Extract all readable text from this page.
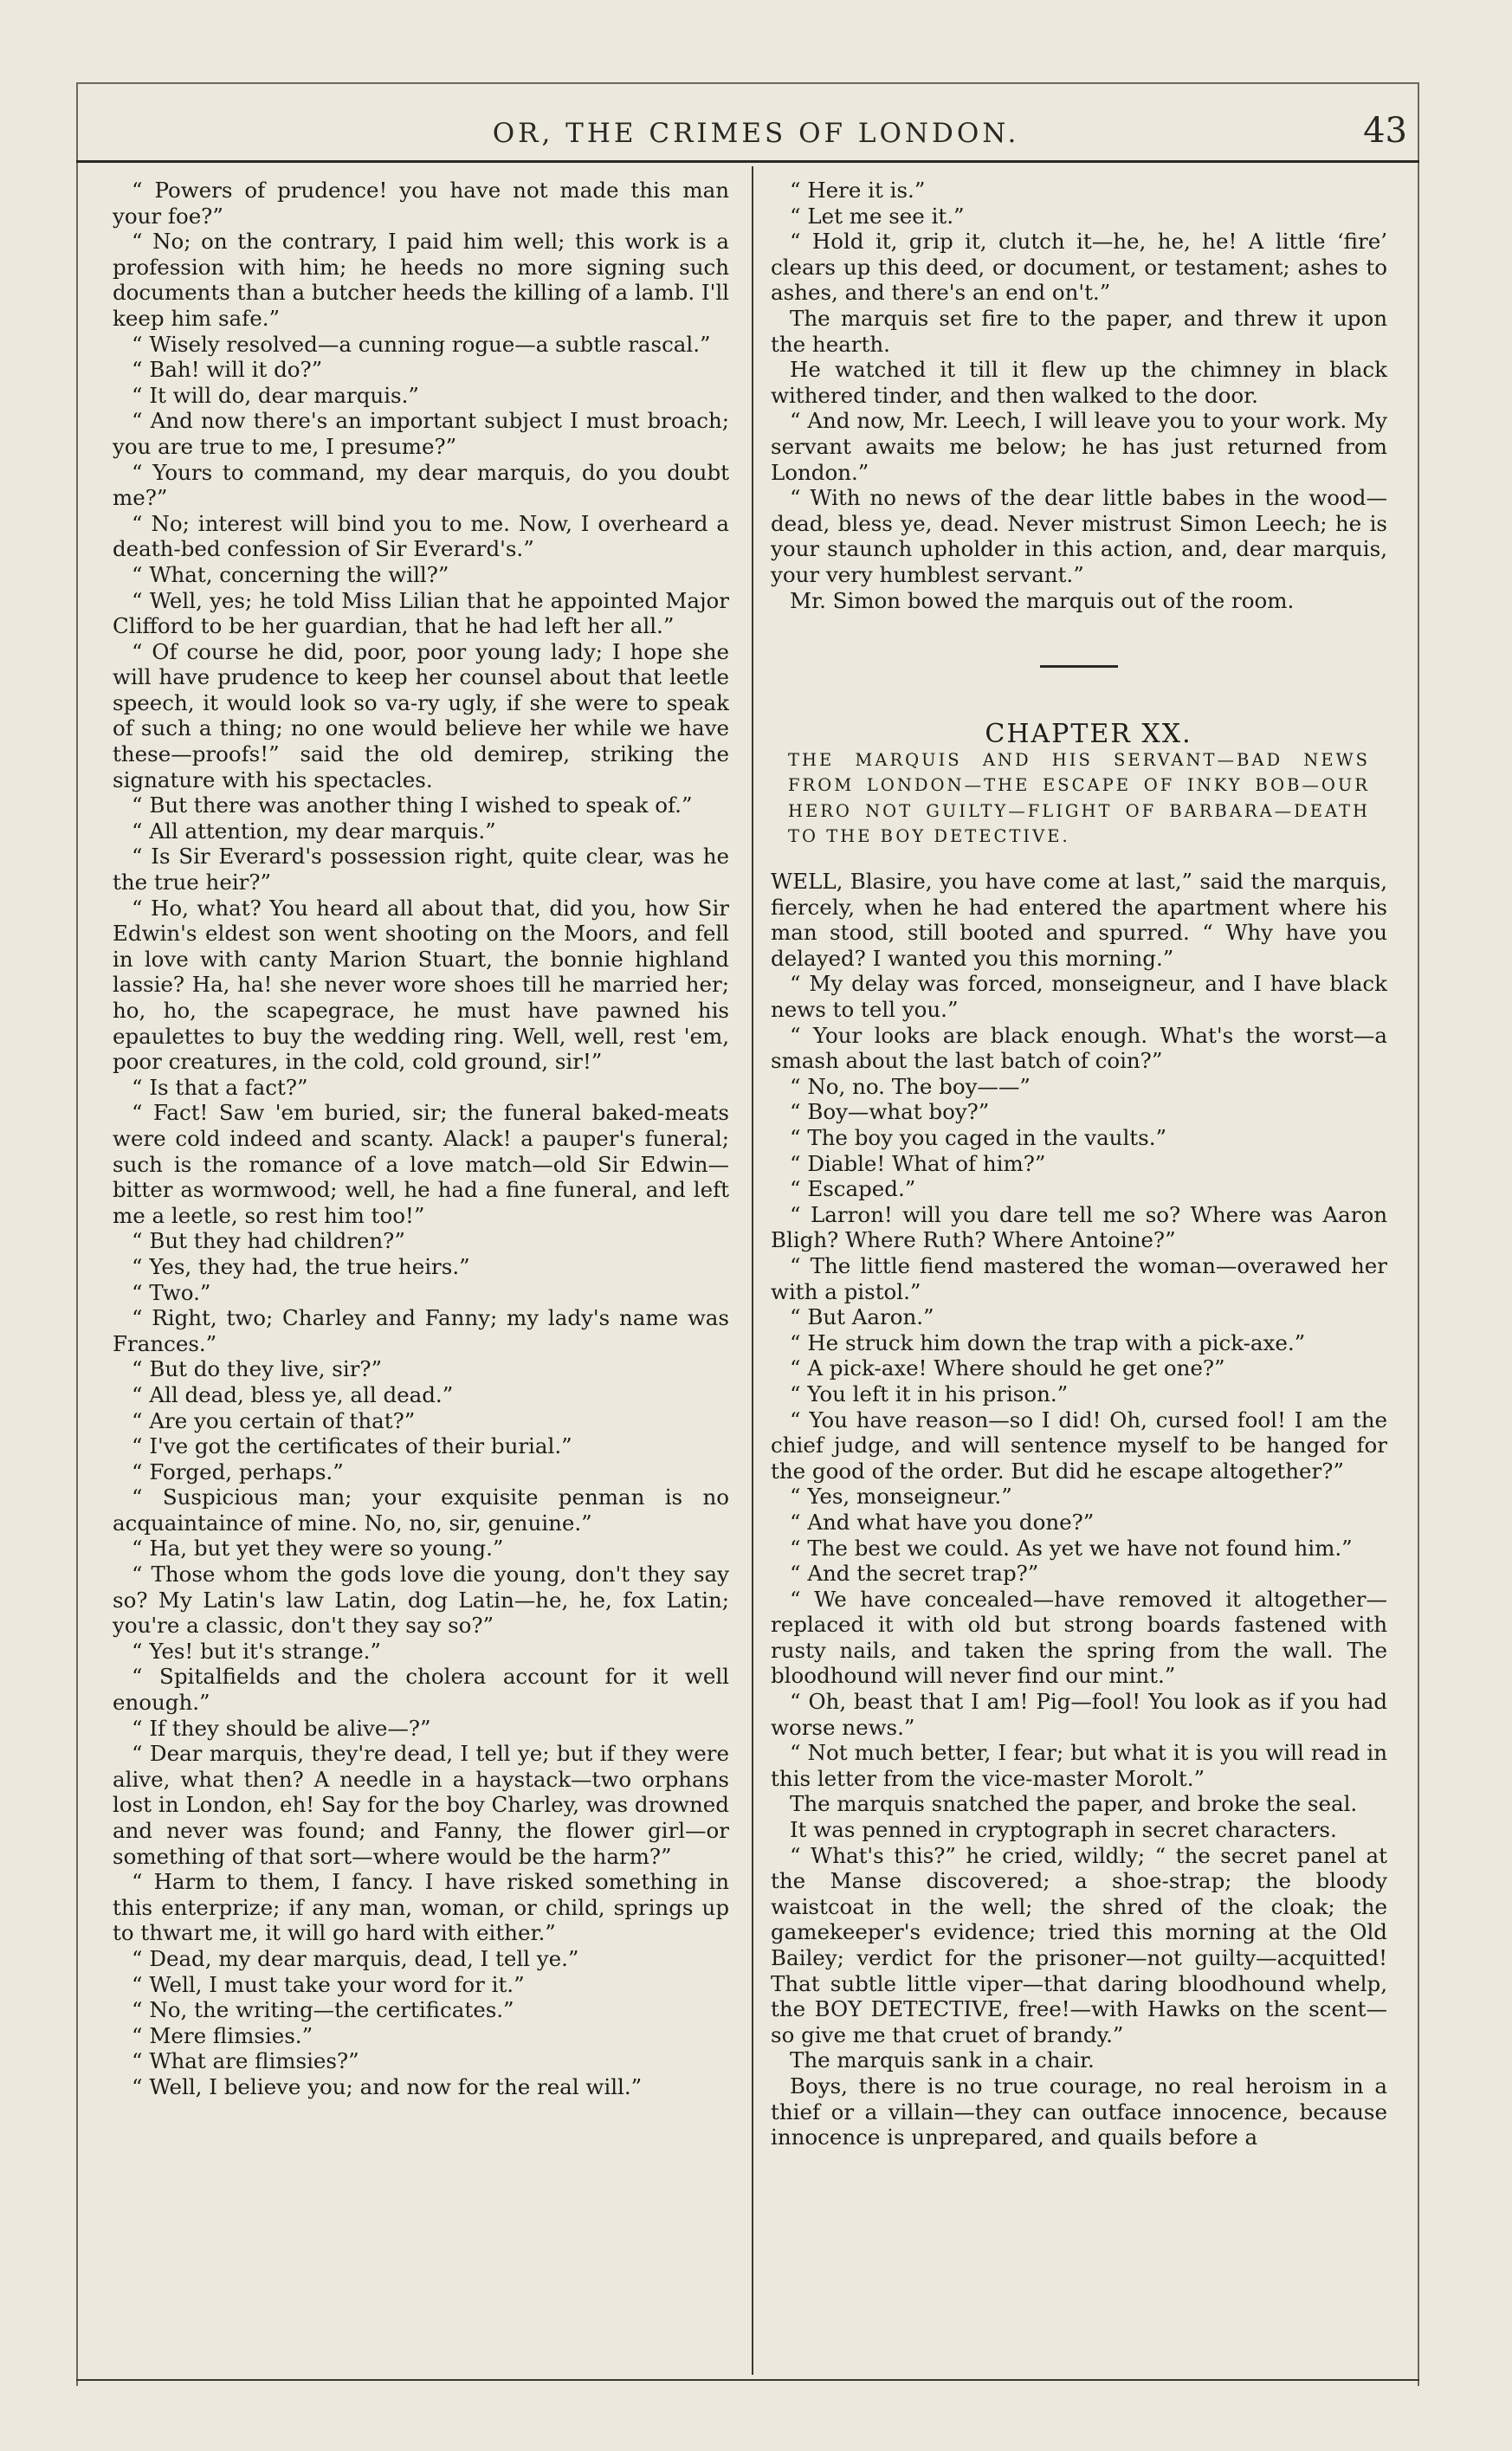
OR, THE CRIMES OF LONDON.	43

“ Powers of prudence! you have not made this man your foe?”

“ No; on the contrary, I paid him well; this work is a profession with him; he heeds no more signing such documents than a butcher heeds the killing of a lamb. I'll keep him safe.”

“ Wisely resolved—a cunning rogue—a subtle rascal.”

“ Bah! will it do?”

“ It will do, dear marquis.”

“ And now there's an important subject I must broach; you are true to me, I presume?”

“ Yours to command, my dear marquis, do you doubt me?”

“ No; interest will bind you to me. Now, I overheard a death-bed confession of Sir Everard's.”

“ What, concerning the will?”

“ Well, yes; he told Miss Lilian that he appointed Major Clifford to be her guardian, that he had left her all.”

“ Of course he did, poor, poor young lady; I hope she will have prudence to keep her counsel about that leetle speech, it would look so va-ry ugly, if she were to speak of such a thing; no one would believe her while we have these—proofs!” said the old demirep, striking the signature with his spectacles.

“ But there was another thing I wished to speak of.”

“ All attention, my dear marquis.”

“ Is Sir Everard's possession right, quite clear, was he the true heir?”

“ Ho, what? You heard all about that, did you, how Sir Edwin's eldest son went shooting on the Moors, and fell in love with canty Marion Stuart, the bonnie highland lassie? Ha, ha! she never wore shoes till he married her; ho, ho, the scapegrace, he must have pawned his epaulettes to buy the wedding ring. Well, well, rest 'em, poor creatures, in the cold, cold ground, sir!”

“ Is that a fact?”

“ Fact! Saw 'em buried, sir; the funeral baked-meats were cold indeed and scanty. Alack! a pauper's funeral; such is the romance of a love match—old Sir Edwin—bitter as wormwood; well, he had a fine funeral, and left me a leetle, so rest him too!”

“ But they had children?”

“ Yes, they had, the true heirs.”

“ Two.”

“ Right, two; Charley and Fanny; my lady's name was Frances.”

“ But do they live, sir?”

“ All dead, bless ye, all dead.”

“ Are you certain of that?”

“ I've got the certificates of their burial.”

“ Forged, perhaps.”

“ Suspicious man; your exquisite penman is no acquaintaince of mine. No, no, sir, genuine.”

“ Ha, but yet they were so young.”

“ Those whom the gods love die young, don't they say so? My Latin's law Latin, dog Latin—he, he, fox Latin; you're a classic, don't they say so?”

“ Yes! but it's strange.”

“ Spitalfields and the cholera account for it well enough.”

“ If they should be alive—?”

“ Dear marquis, they're dead, I tell ye; but if they were alive, what then? A needle in a haystack—two orphans lost in London, eh! Say for the boy Charley, was drowned and never was found; and Fanny, the flower girl—or something of that sort—where would be the harm?”

“ Harm to them, I fancy. I have risked something in this enterprize; if any man, woman, or child, springs up to thwart me, it will go hard with either.”

“ Dead, my dear marquis, dead, I tell ye.”

“ Well, I must take your word for it.”

“ No, the writing—the certificates.”

“ Mere flimsies.”

“ What are flimsies?”

“ Well, I believe you; and now for the real will.”

“ Here it is.”

“ Let me see it.”

“ Hold it, grip it, clutch it—he, he, he! A little ‘fire’ clears up this deed, or document, or testament; ashes to ashes, and there's an end on't.”

The marquis set fire to the paper, and threw it upon the hearth.

He watched it till it flew up the chimney in black withered tinder, and then walked to the door.

“ And now, Mr. Leech, I will leave you to your work. My servant awaits me below; he has just returned from London.”

“ With no news of the dear little babes in the wood—dead, bless ye, dead. Never mistrust Simon Leech; he is your staunch upholder in this action, and, dear marquis, your very humblest servant.”

Mr. Simon bowed the marquis out of the room.

CHAPTER XX.

THE MARQUIS AND HIS SERVANT—BAD NEWS FROM LONDON—THE ESCAPE OF INKY BOB—OUR HERO NOT GUILTY—FLIGHT OF BARBARA—DEATH TO THE BOY DETECTIVE.

WELL, Blasire, you have come at last,” said the marquis, fiercely, when he had entered the apartment where his man stood, still booted and spurred. “ Why have you delayed? I wanted you this morning.”

“ My delay was forced, monseigneur, and I have black news to tell you.”

“ Your looks are black enough. What's the worst—a smash about the last batch of coin?”

“ No, no. The boy——”

“ Boy—what boy?”

“ The boy you caged in the vaults.”

“ Diable! What of him?”

“ Escaped.”

“ Larron! will you dare tell me so? Where was Aaron Bligh? Where Ruth? Where Antoine?”

“ The little fiend mastered the woman—overawed her with a pistol.”

“ But Aaron.”

“ He struck him down the trap with a pick-axe.”

“ A pick-axe! Where should he get one?”

“ You left it in his prison.”

“ You have reason—so I did! Oh, cursed fool! I am the chief judge, and will sentence myself to be hanged for the good of the order. But did he escape altogether?”

“ Yes, monseigneur.”

“ And what have you done?”

“ The best we could. As yet we have not found him.”

“ And the secret trap?”

“ We have concealed—have removed it altogether—replaced it with old but strong boards fastened with rusty nails, and taken the spring from the wall. The bloodhound will never find our mint.”

“ Oh, beast that I am! Pig—fool! You look as if you had worse news.”

“ Not much better, I fear; but what it is you will read in this letter from the vice-master Morolt.”

The marquis snatched the paper, and broke the seal.

It was penned in cryptograph in secret characters.

“ What's this?” he cried, wildly; “ the secret panel at the Manse discovered; a shoe-strap; the bloody waistcoat in the well; the shred of the cloak; the gamekeeper's evidence; tried this morning at the Old Bailey; verdict for the prisoner—not guilty—acquitted! That subtle little viper—that daring bloodhound whelp, the BOY DETECTIVE, free!—with Hawks on the scent—so give me that cruet of brandy.”

The marquis sank in a chair.

Boys, there is no true courage, no real heroism in a thief or a villain—they can outface innocence, because innocence is unprepared, and quails before a
